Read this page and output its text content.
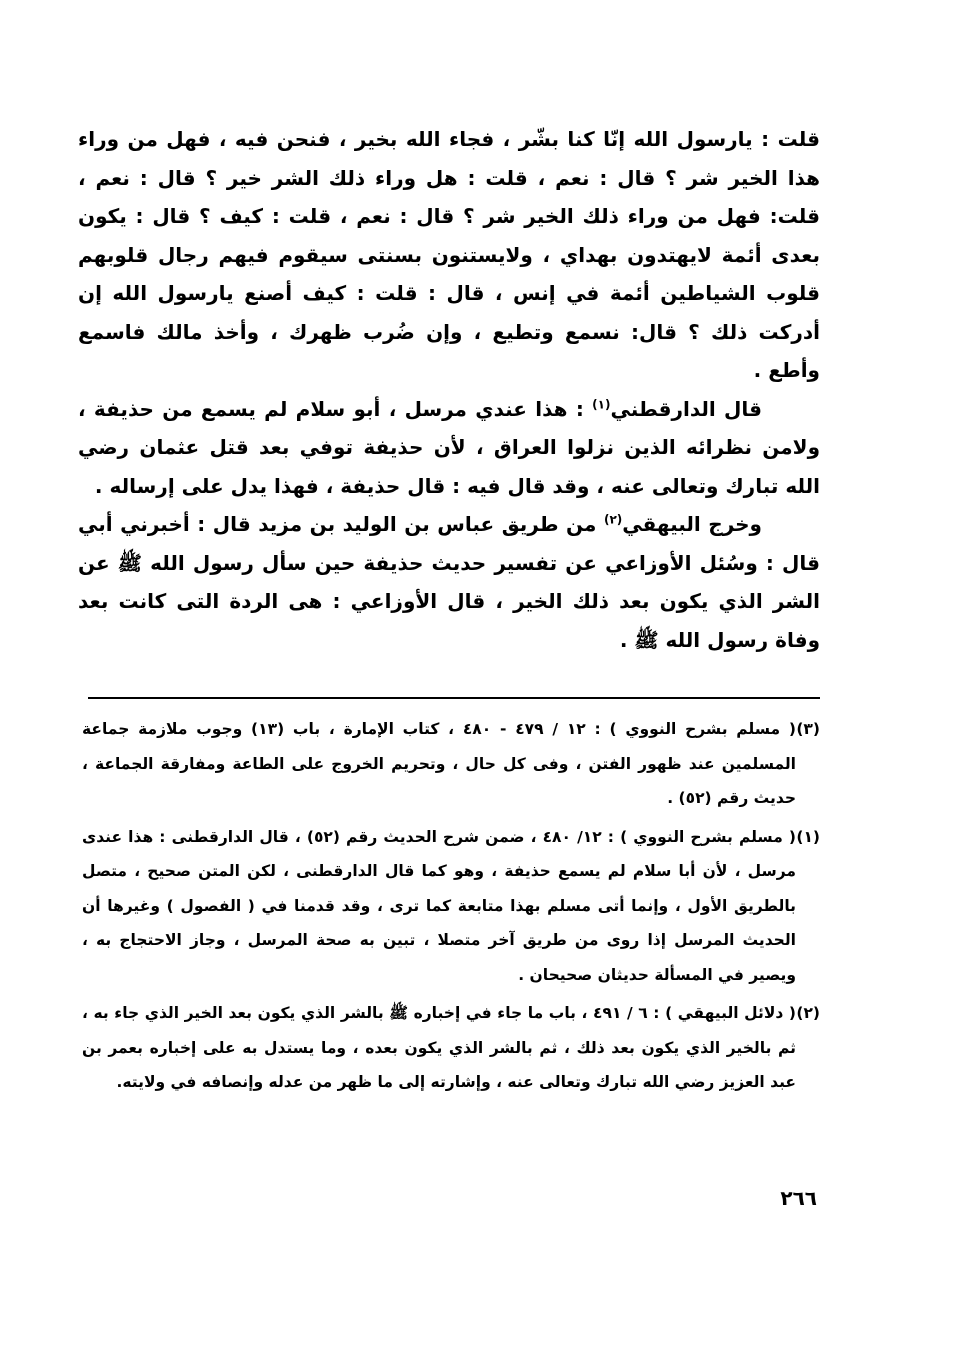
قلت : يارسول الله إنّا كنا بشّر ، فجاء الله بخير ، فنحن فيه ، فهل من وراء هذا الخير شر ؟ قال : نعم ، قلت : هل وراء ذلك الشر خير ؟ قال : نعم ، قلت: فهل من وراء ذلك الخير شر ؟ قال : نعم ، قلت : كيف ؟ قال : يكون بعدى أئمة لايهتدون بهداي ، ولايستنون بسنتى سيقوم فيهم رجال قلوبهم قلوب الشياطين أئمة في إنس ، قال : قلت : كيف أصنع يارسول الله إن أدركت ذلك ؟ قال: نسمع وتطيع ، وإن ضُرب ظهرك ، وأخذ مالك فاسمع وأطع .

قال الدارقطني$^{(١)}$ : هذا عندي مرسل ، أبو سلام لم يسمع من حذيفة ، ولامن نظرائه الذين نزلوا العراق ، لأن حذيفة توفي بعد قتل عثمان رضي الله تبارك وتعالى عنه ، وقد قال فيه : قال حذيفة ، فهذا يدل على إرساله .

وخرج البيهقي$^{(٢)}$ من طريق عباس بن الوليد بن مزيد قال : أخبرني أبي قال : وسُئل الأوزاعي عن تفسير حديث حذيفة حين سأل رسول الله ﷺ عن الشر الذي يكون بعد ذلك الخير ، قال الأوزاعي : هى الردة التى كانت بعد وفاة رسول الله ﷺ .

(٣)( مسلم بشرح النووي ) : ١٢ / ٤٧٩ - ٤٨٠ ، كتاب الإمارة ، باب (١٣) وجوب ملازمة جماعة المسلمين عند ظهور الفتن ، وفى كل حال ، وتحريم الخروج على الطاعة ومفارقة الجماعة ، حديث رقم (٥٢) .

(١)( مسلم بشرح النووي ) : ١٢/ ٤٨٠ ، ضمن شرح الحديث رقم (٥٢) ، قال الدارقطنى : هذا عندى مرسل ، لأن أبا سلام لم يسمع حذيفة ، وهو كما قال الدارقطنى ، لكن المتن صحيح ، متصل بالطريق الأول ، وإنما أتى مسلم بهذا متابعة كما ترى ، وقد قدمنا في ( الفصول ) وغيرها أن الحديث المرسل إذا روى من طريق آخر متصلا ، تبين به صحة المرسل ، وجاز الاحتجاج به ، ويصير في المسألة حديثان صحيحان .

(٢)( دلائل البيهقي ) : ٦ / ٤٩١ ، باب ما جاء في إخباره ﷺ بالشر الذي يكون بعد الخير الذي جاء به ، ثم بالخير الذي يكون بعد ذلك ، ثم بالشر الذي يكون بعده ، وما يستدل به على إخباره بعمر بن عبد العزيز رضي الله تبارك وتعالى عنه ، وإشارته إلى ما ظهر من عدله وإنصافه في ولايته.

٢٦٦
